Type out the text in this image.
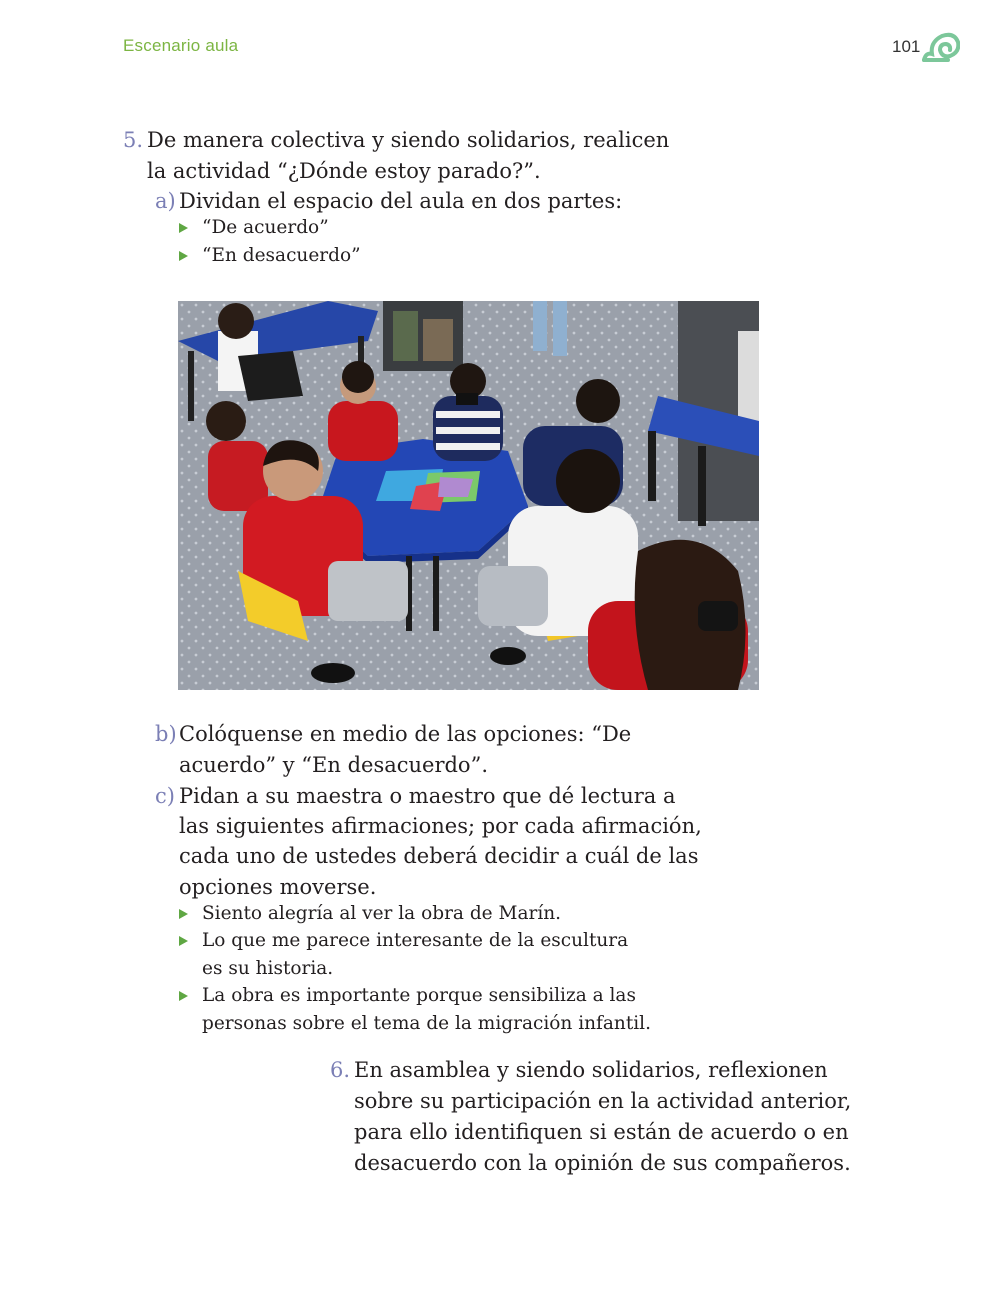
Escenario aula	101
5. De manera colectiva y siendo solidarios, realicen
la actividad “¿Dónde estoy parado?”.
a) Dividan el espacio del aula en dos partes:
“De acuerdo”
“En desacuerdo”
b) Colóquense en medio de las opciones: “De
acuerdo” y “En desacuerdo”.
c) Pidan a su maestra o maestro que dé lectura a
las siguientes afirmaciones; por cada afirmación,
cada uno de ustedes deberá decidir a cuál de las
opciones moverse.
Siento alegría al ver la obra de Marín.
Lo que me parece interesante de la escultura
es su historia.
La obra es importante porque sensibiliza a las
personas sobre el tema de la migración infantil.
6. En asamblea y siendo solidarios, reflexionen
sobre su participación en la actividad anterior,
para ello identifiquen si están de acuerdo o en
desacuerdo con la opinión de sus compañeros.
